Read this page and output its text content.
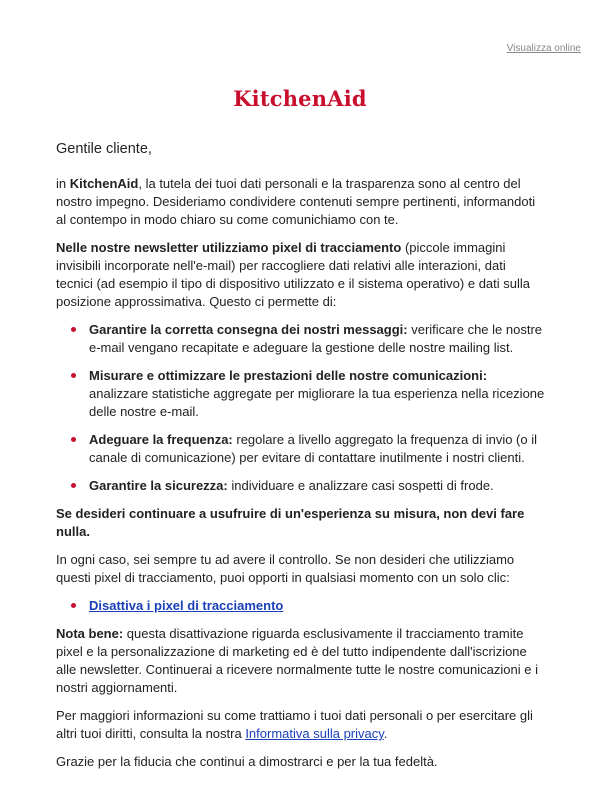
Visualizza online
KitchenAid
Gentile cliente,

in KitchenAid, la tutela dei tuoi dati personali e la trasparenza sono al centro del nostro impegno. Desideriamo condividere contenuti sempre pertinenti, informandoti al contempo in modo chiaro su come comunichiamo con te.

Nelle nostre newsletter utilizziamo pixel di tracciamento (piccole immagini invisibili incorporate nell'e-mail) per raccogliere dati relativi alle interazioni, dati tecnici (ad esempio il tipo di dispositivo utilizzato e il sistema operativo) e dati sulla posizione approssimativa. Questo ci permette di:

Garantire la corretta consegna dei nostri messaggi: verificare che le nostre e-mail vengano recapitate e adeguare la gestione delle nostre mailing list.
Misurare e ottimizzare le prestazioni delle nostre comunicazioni: analizzare statistiche aggregate per migliorare la tua esperienza nella ricezione delle nostre e-mail.
Adeguare la frequenza: regolare a livello aggregato la frequenza di invio (o il canale di comunicazione) per evitare di contattare inutilmente i nostri clienti.
Garantire la sicurezza: individuare e analizzare casi sospetti di frode.

Se desideri continuare a usufruire di un'esperienza su misura, non devi fare nulla.

In ogni caso, sei sempre tu ad avere il controllo. Se non desideri che utilizziamo questi pixel di tracciamento, puoi opporti in qualsiasi momento con un solo clic:

Disattiva i pixel di tracciamento

Nota bene: questa disattivazione riguarda esclusivamente il tracciamento tramite pixel e la personalizzazione di marketing ed è del tutto indipendente dall'iscrizione alle newsletter. Continuerai a ricevere normalmente tutte le nostre comunicazioni e i nostri aggiornamenti.

Per maggiori informazioni su come trattiamo i tuoi dati personali o per esercitare gli altri tuoi diritti, consulta la nostra Informativa sulla privacy.

Grazie per la fiducia che continui a dimostrarci e per la tua fedeltà.
